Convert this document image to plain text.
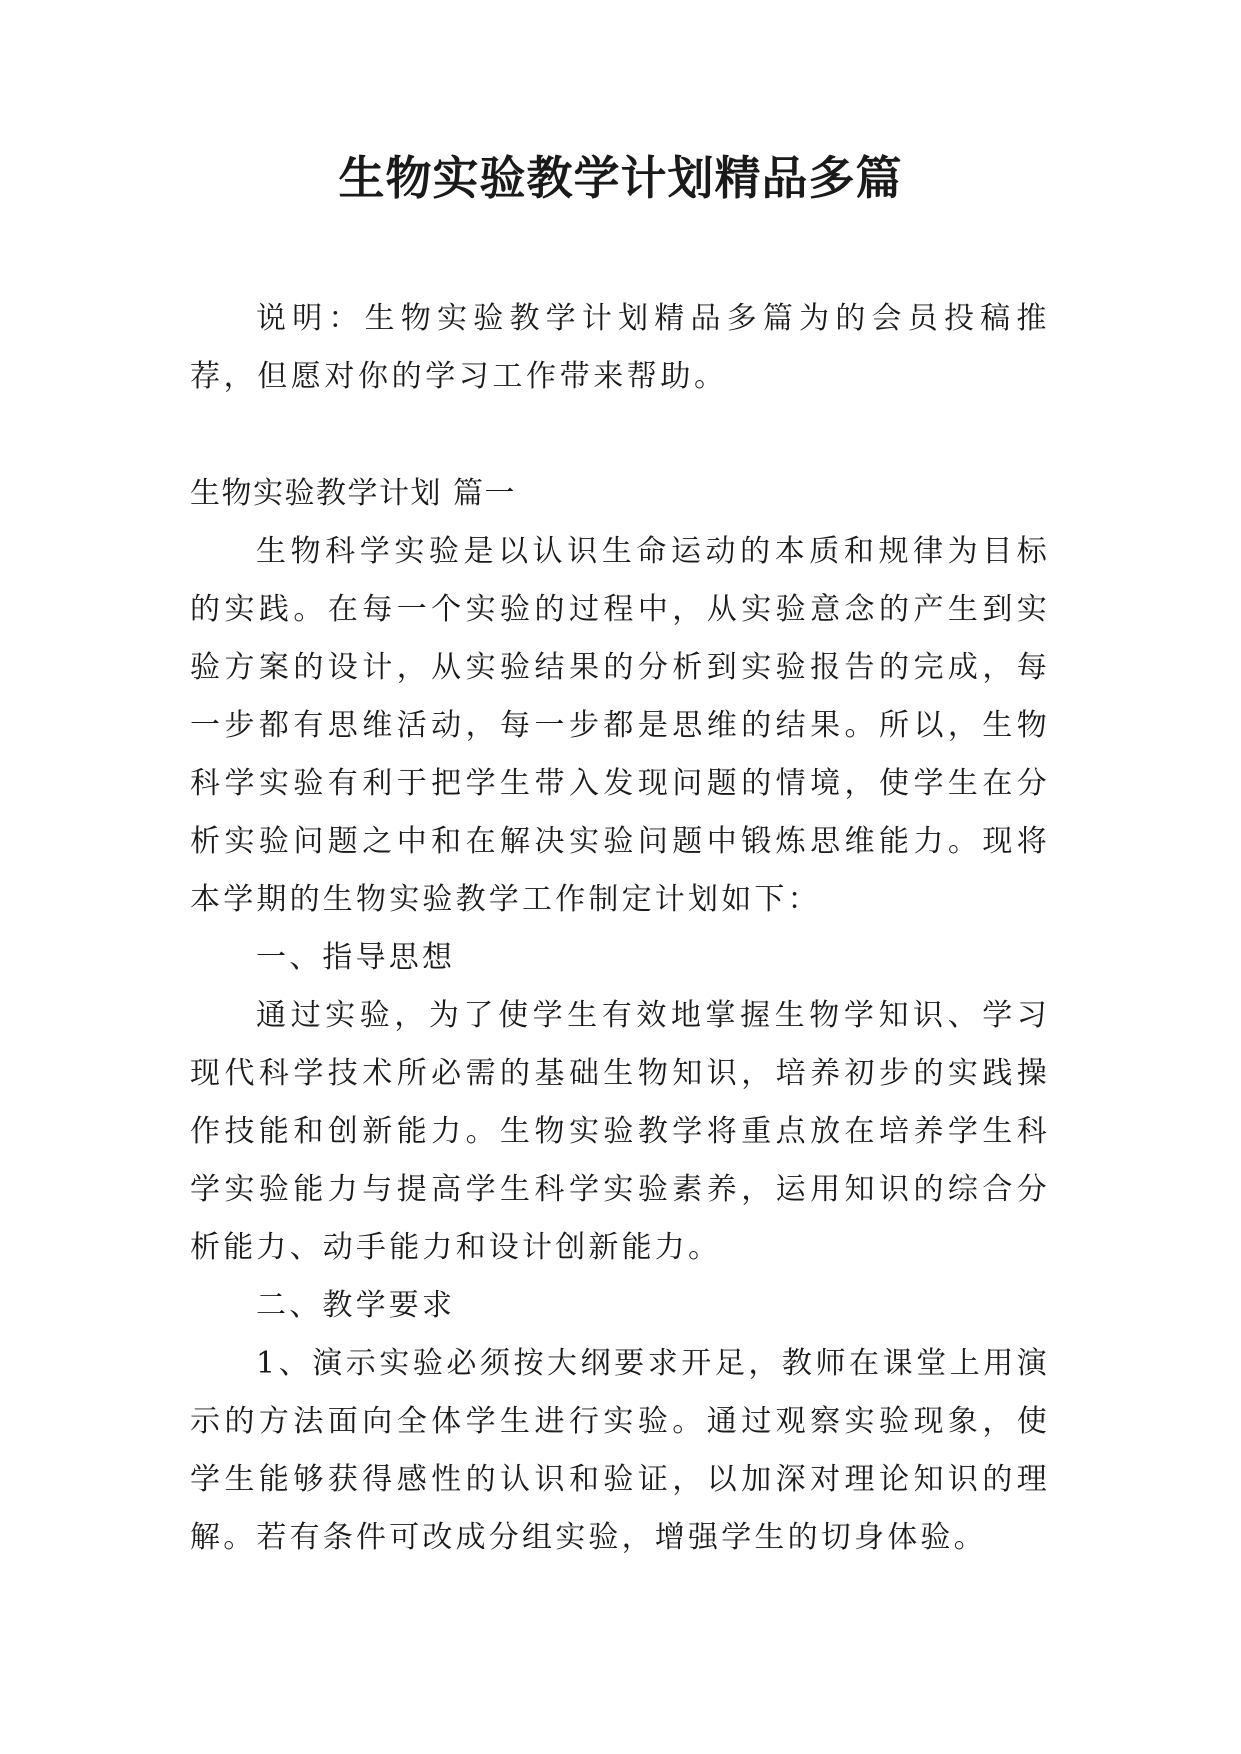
生物实验教学计划精品多篇

说明：生物实验教学计划精品多篇为的会员投稿推荐，但愿对你的学习工作带来帮助。

生物实验教学计划 篇一

生物科学实验是以认识生命运动的本质和规律为目标的实践。在每一个实验的过程中，从实验意念的产生到实验方案的设计，从实验结果的分析到实验报告的完成，每一步都有思维活动，每一步都是思维的结果。所以，生物科学实验有利于把学生带入发现问题的情境，使学生在分析实验问题之中和在解决实验问题中锻炼思维能力。现将本学期的生物实验教学工作制定计划如下：

一、指导思想

通过实验，为了使学生有效地掌握生物学知识、学习现代科学技术所必需的基础生物知识，培养初步的实践操作技能和创新能力。生物实验教学将重点放在培养学生科学实验能力与提高学生科学实验素养，运用知识的综合分析能力、动手能力和设计创新能力。

二、教学要求

1、演示实验必须按大纲要求开足，教师在课堂上用演示的方法面向全体学生进行实验。通过观察实验现象，使学生能够获得感性的认识和验证，以加深对理论知识的理解。若有条件可改成分组实验，增强学生的切身体验。
